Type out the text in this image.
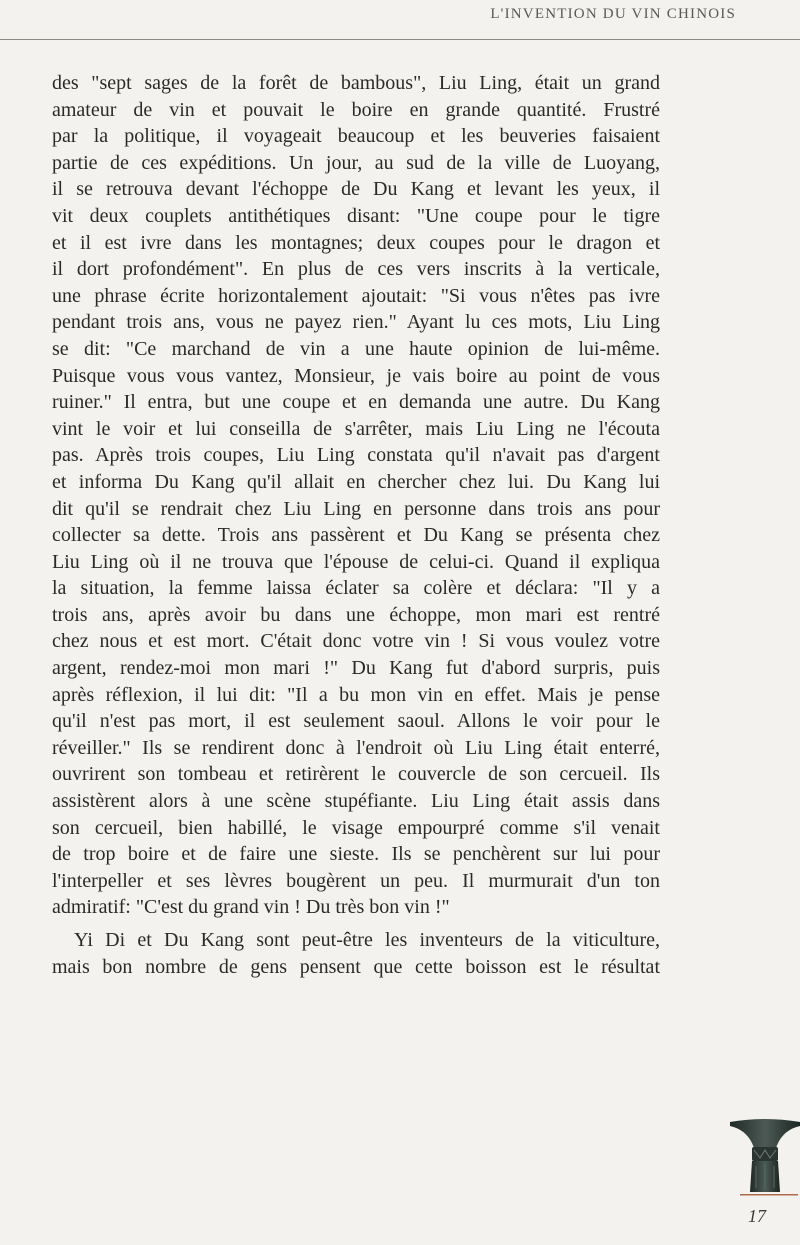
L'INVENTION DU VIN CHINOIS
des "sept sages de la forêt de bambous", Liu Ling, était un grand
amateur de vin et pouvait le boire en grande quantité. Frustré
par la politique, il voyageait beaucoup et les beuveries faisaient
partie de ces expéditions. Un jour, au sud de la ville de Luoyang,
il se retrouva devant l'échoppe de Du Kang et levant les yeux, il
vit deux couplets antithétiques disant: "Une coupe pour le tigre
et il est ivre dans les montagnes; deux coupes pour le dragon et
il dort profondément". En plus de ces vers inscrits à la verticale,
une phrase écrite horizontalement ajoutait: "Si vous n'êtes pas ivre
pendant trois ans, vous ne payez rien." Ayant lu ces mots, Liu Ling
se dit: "Ce marchand de vin a une haute opinion de lui-même.
Puisque vous vous vantez, Monsieur, je vais boire au point de vous
ruiner." Il entra, but une coupe et en demanda une autre. Du Kang
vint le voir et lui conseilla de s'arrêter, mais Liu Ling ne l'écouta
pas. Après trois coupes, Liu Ling constata qu'il n'avait pas d'argent
et informa Du Kang qu'il allait en chercher chez lui. Du Kang lui
dit qu'il se rendrait chez Liu Ling en personne dans trois ans pour
collecter sa dette. Trois ans passèrent et Du Kang se présenta chez
Liu Ling où il ne trouva que l'épouse de celui-ci. Quand il expliqua
la situation, la femme laissa éclater sa colère et déclara: "Il y a
trois ans, après avoir bu dans une échoppe, mon mari est rentré
chez nous et est mort. C'était donc votre vin ! Si vous voulez votre
argent, rendez-moi mon mari !" Du Kang fut d'abord surpris, puis
après réflexion, il lui dit: "Il a bu mon vin en effet. Mais je pense
qu'il n'est pas mort, il est seulement saoul. Allons le voir pour le
réveiller." Ils se rendirent donc à l'endroit où Liu Ling était enterré,
ouvrirent son tombeau et retirèrent le couvercle de son cercueil. Ils
assistèrent alors à une scène stupéfiante. Liu Ling était assis dans
son cercueil, bien habillé, le visage empourpré comme s'il venait
de trop boire et de faire une sieste. Ils se penchèrent sur lui pour
l'interpeller et ses lèvres bougèrent un peu. Il murmurait d'un ton
admiratif: "C'est du grand vin ! Du très bon vin !"
Yi Di et Du Kang sont peut-être les inventeurs de la viticulture,
mais bon nombre de gens pensent que cette boisson est le résultat
17
